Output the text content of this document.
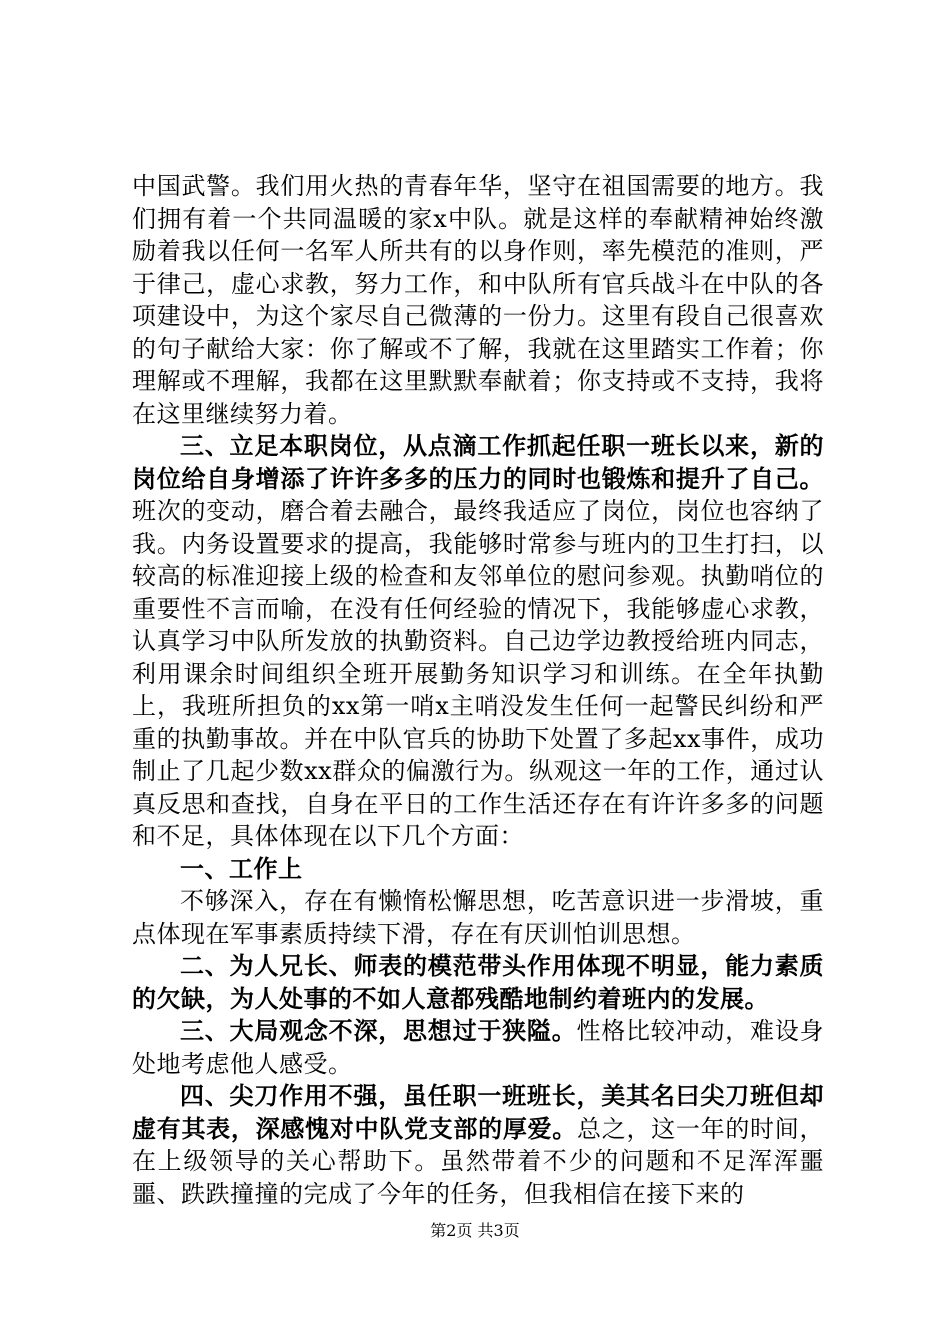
中国武警。我们用火热的青春年华，坚守在祖国需要的地方。我们拥有着一个共同温暖的家x中队。就是这样的奉献精神始终激励着我以任何一名军人所共有的以身作则，率先模范的准则，严于律己，虚心求教，努力工作，和中队所有官兵战斗在中队的各项建设中，为这个家尽自己微薄的一份力。这里有段自己很喜欢的句子献给大家：你了解或不了解，我就在这里踏实工作着；你理解或不理解，我都在这里默默奉献着；你支持或不支持，我将在这里继续努力着。

三、立足本职岗位，从点滴工作抓起任职一班长以来，新的岗位给自身增添了许许多多的压力的同时也锻炼和提升了自己。班次的变动，磨合着去融合，最终我适应了岗位，岗位也容纳了我。内务设置要求的提高，我能够时常参与班内的卫生打扫，以较高的标准迎接上级的检查和友邻单位的慰问参观。执勤哨位的重要性不言而喻，在没有任何经验的情况下，我能够虚心求教，认真学习中队所发放的执勤资料。自己边学边教授给班内同志，利用课余时间组织全班开展勤务知识学习和训练。在全年执勤上，我班所担负的xx第一哨x主哨没发生任何一起警民纠纷和严重的执勤事故。并在中队官兵的协助下处置了多起xx事件，成功制止了几起少数xx群众的偏激行为。纵观这一年的工作，通过认真反思和查找，自身在平日的工作生活还存在有许许多多的问题和不足，具体体现在以下几个方面：

一、工作上

不够深入，存在有懒惰松懈思想，吃苦意识进一步滑坡，重点体现在军事素质持续下滑，存在有厌训怕训思想。

二、为人兄长、师表的模范带头作用体现不明显，能力素质的欠缺，为人处事的不如人意都残酷地制约着班内的发展。

三、大局观念不深，思想过于狭隘。性格比较冲动，难设身处地考虑他人感受。

四、尖刀作用不强，虽任职一班班长，美其名曰尖刀班但却虚有其表，深感愧对中队党支部的厚爱。总之，这一年的时间，在上级领导的关心帮助下。虽然带着不少的问题和不足浑浑噩噩、跌跌撞撞的完成了今年的任务，但我相信在接下来的

第2页 共3页
